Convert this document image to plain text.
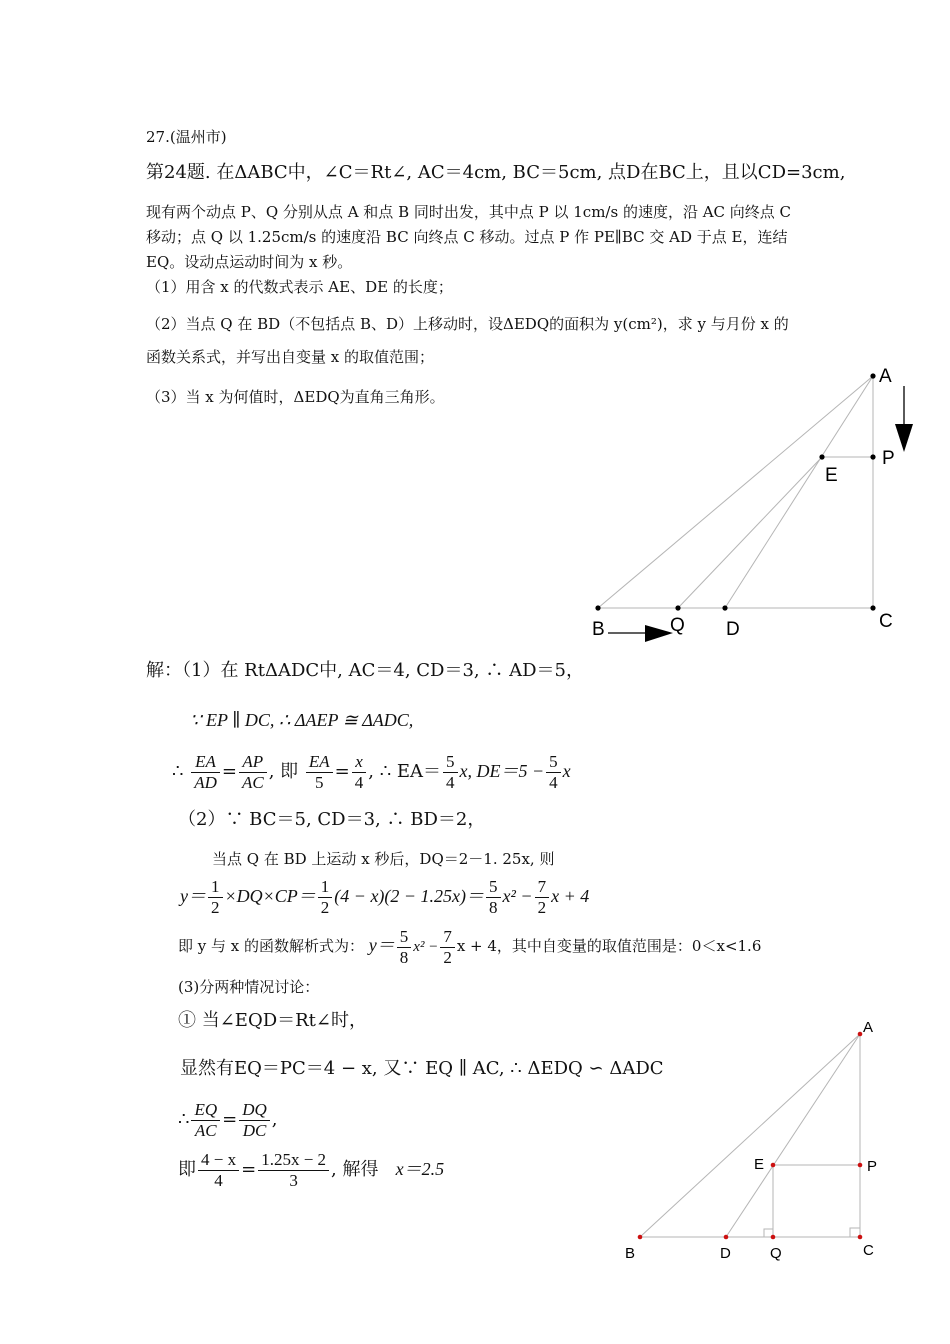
27.(温州市)
第24题. 在ΔABC中，∠C＝Rt∠, AC＝4cm, BC＝5cm, 点D在BC上，且以CD=3cm,
现有两个动点 P、Q 分别从点 A 和点 B 同时出发，其中点 P 以 1cm/s 的速度，沿 AC 向终点 C
移动；点 Q 以 1.25cm/s 的速度沿 BC 向终点 C 移动。过点 P 作 PE∥BC 交 AD 于点 E，连结
EQ。设动点运动时间为 x 秒。
（1）用含 x 的代数式表示 AE、DE 的长度；
（2）当点 Q 在 BD（不包括点 B、D）上移动时，设ΔEDQ的面积为 y(cm²)，求 y 与月份 x 的
函数关系式，并写出自变量 x 的取值范围；
（3）当 x 为何值时，ΔEDQ为直角三角形。
A
P
E
B	Q D	C
解：（1）在 RtΔADC中, AC＝4, CD＝3, ∴ AD＝5，
∵ EP ∥ DC, ∴ ΔAEP ≅ ΔADC,
∴ $\frac{EA}{AD} = \frac{AP}{AC}$ , 即 $\frac{EA}{5} = \frac{x}{4}$ , ∴ $EA= \frac{5}{4} x$, $DE=5 - \frac{5}{4}$ x
（2）∵ BC＝5, CD＝3, ∴ BD＝2，
当点 Q 在 BD 上运动 x 秒后，DQ＝2－1. 25x, 则
$y= \frac{1}{2} \times DQ\times CP= \frac{1}{2} (4 - x)(2 - 1.25x)= \frac{5}{8} x^2 - \frac{7}{2}$ x + 4
即 y 与 x 的函数解析式为： $y= \frac{5}{8} x^2 - \frac{7}{2}$ x + 4，其中自变量的取值范围是：0＜x<1.6
(3)分两种情况讨论：
① 当∠EQD＝Rt∠时，
显然有EQ＝PC＝4 − x, 又∵ EQ ∥ AC, ∴ ΔEDQ ∽ ΔADC
∴ $\frac{EQ}{AC} = \frac{DQ}{DC}$ ,
即 $\frac{4 - x}{4} = \frac{1.25x - 2}{3}$ , 解得 x＝2.5
A
E	P
B	D	Q	C
